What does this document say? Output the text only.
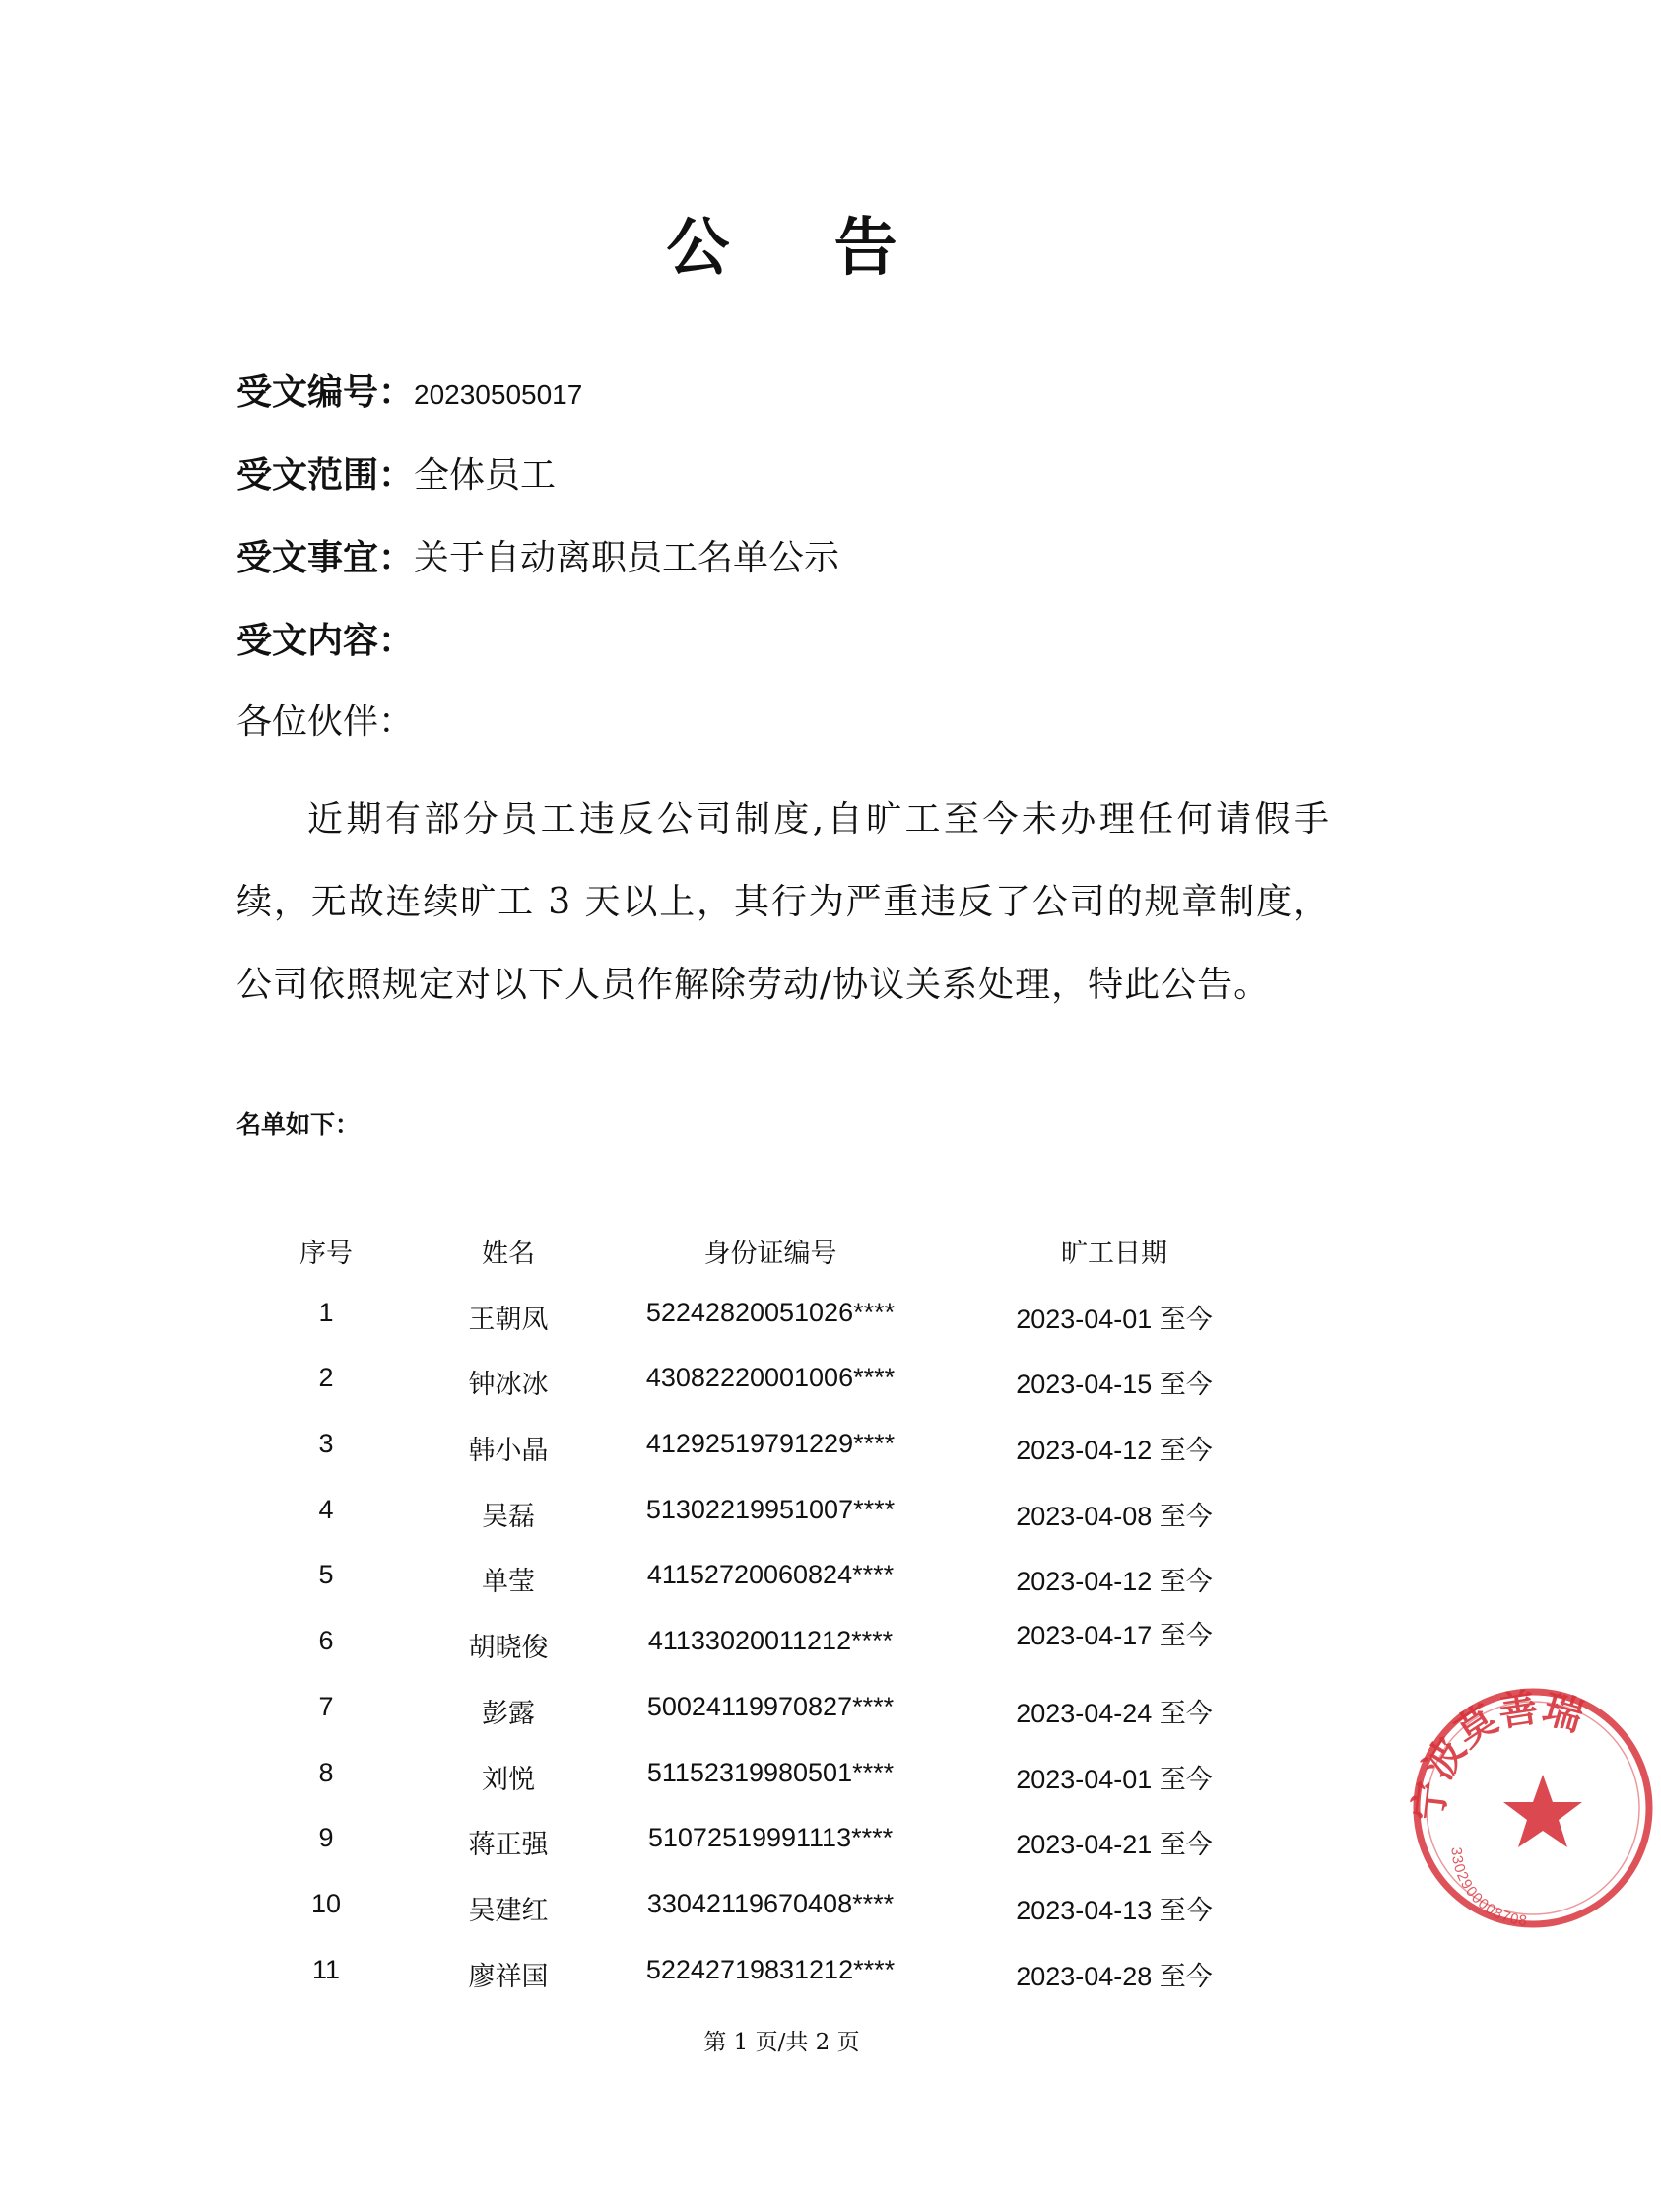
公 告
受文编号：20230505017
受文范围：全体员工
受文事宜：关于自动离职员工名单公示
受文内容：
各位伙伴：
近期有部分员工违反公司制度,自旷工至今未办理任何请假手续，无故连续旷工 3 天以上，其行为严重违反了公司的规章制度，公司依照规定对以下人员作解除劳动/协议关系处理，特此公告。
名单如下：
序号	姓名	身份证编号	旷工日期
1	王朝凤	52242820051026****	2023-04-01 至今
2	钟冰冰	43082220001006****	2023-04-15 至今
3	韩小晶	41292519791229****	2023-04-12 至今
4	吴磊	51302219951007****	2023-04-08 至今
5	单莹	41152720060824****	2023-04-12 至今
6	胡晓俊	41133020011212****	2023-04-17 至今
7	彭露	50024119970827****	2023-04-24 至今
8	刘悦	51152319980501****	2023-04-01 至今
9	蒋正强	51072519991113****	2023-04-21 至今
10	吴建红	33042119670408****	2023-04-13 至今
11	廖祥国	52242719831212****	2023-04-28 至今
第 1 页/共 2 页
宁波莫善瑞
3302900008708
